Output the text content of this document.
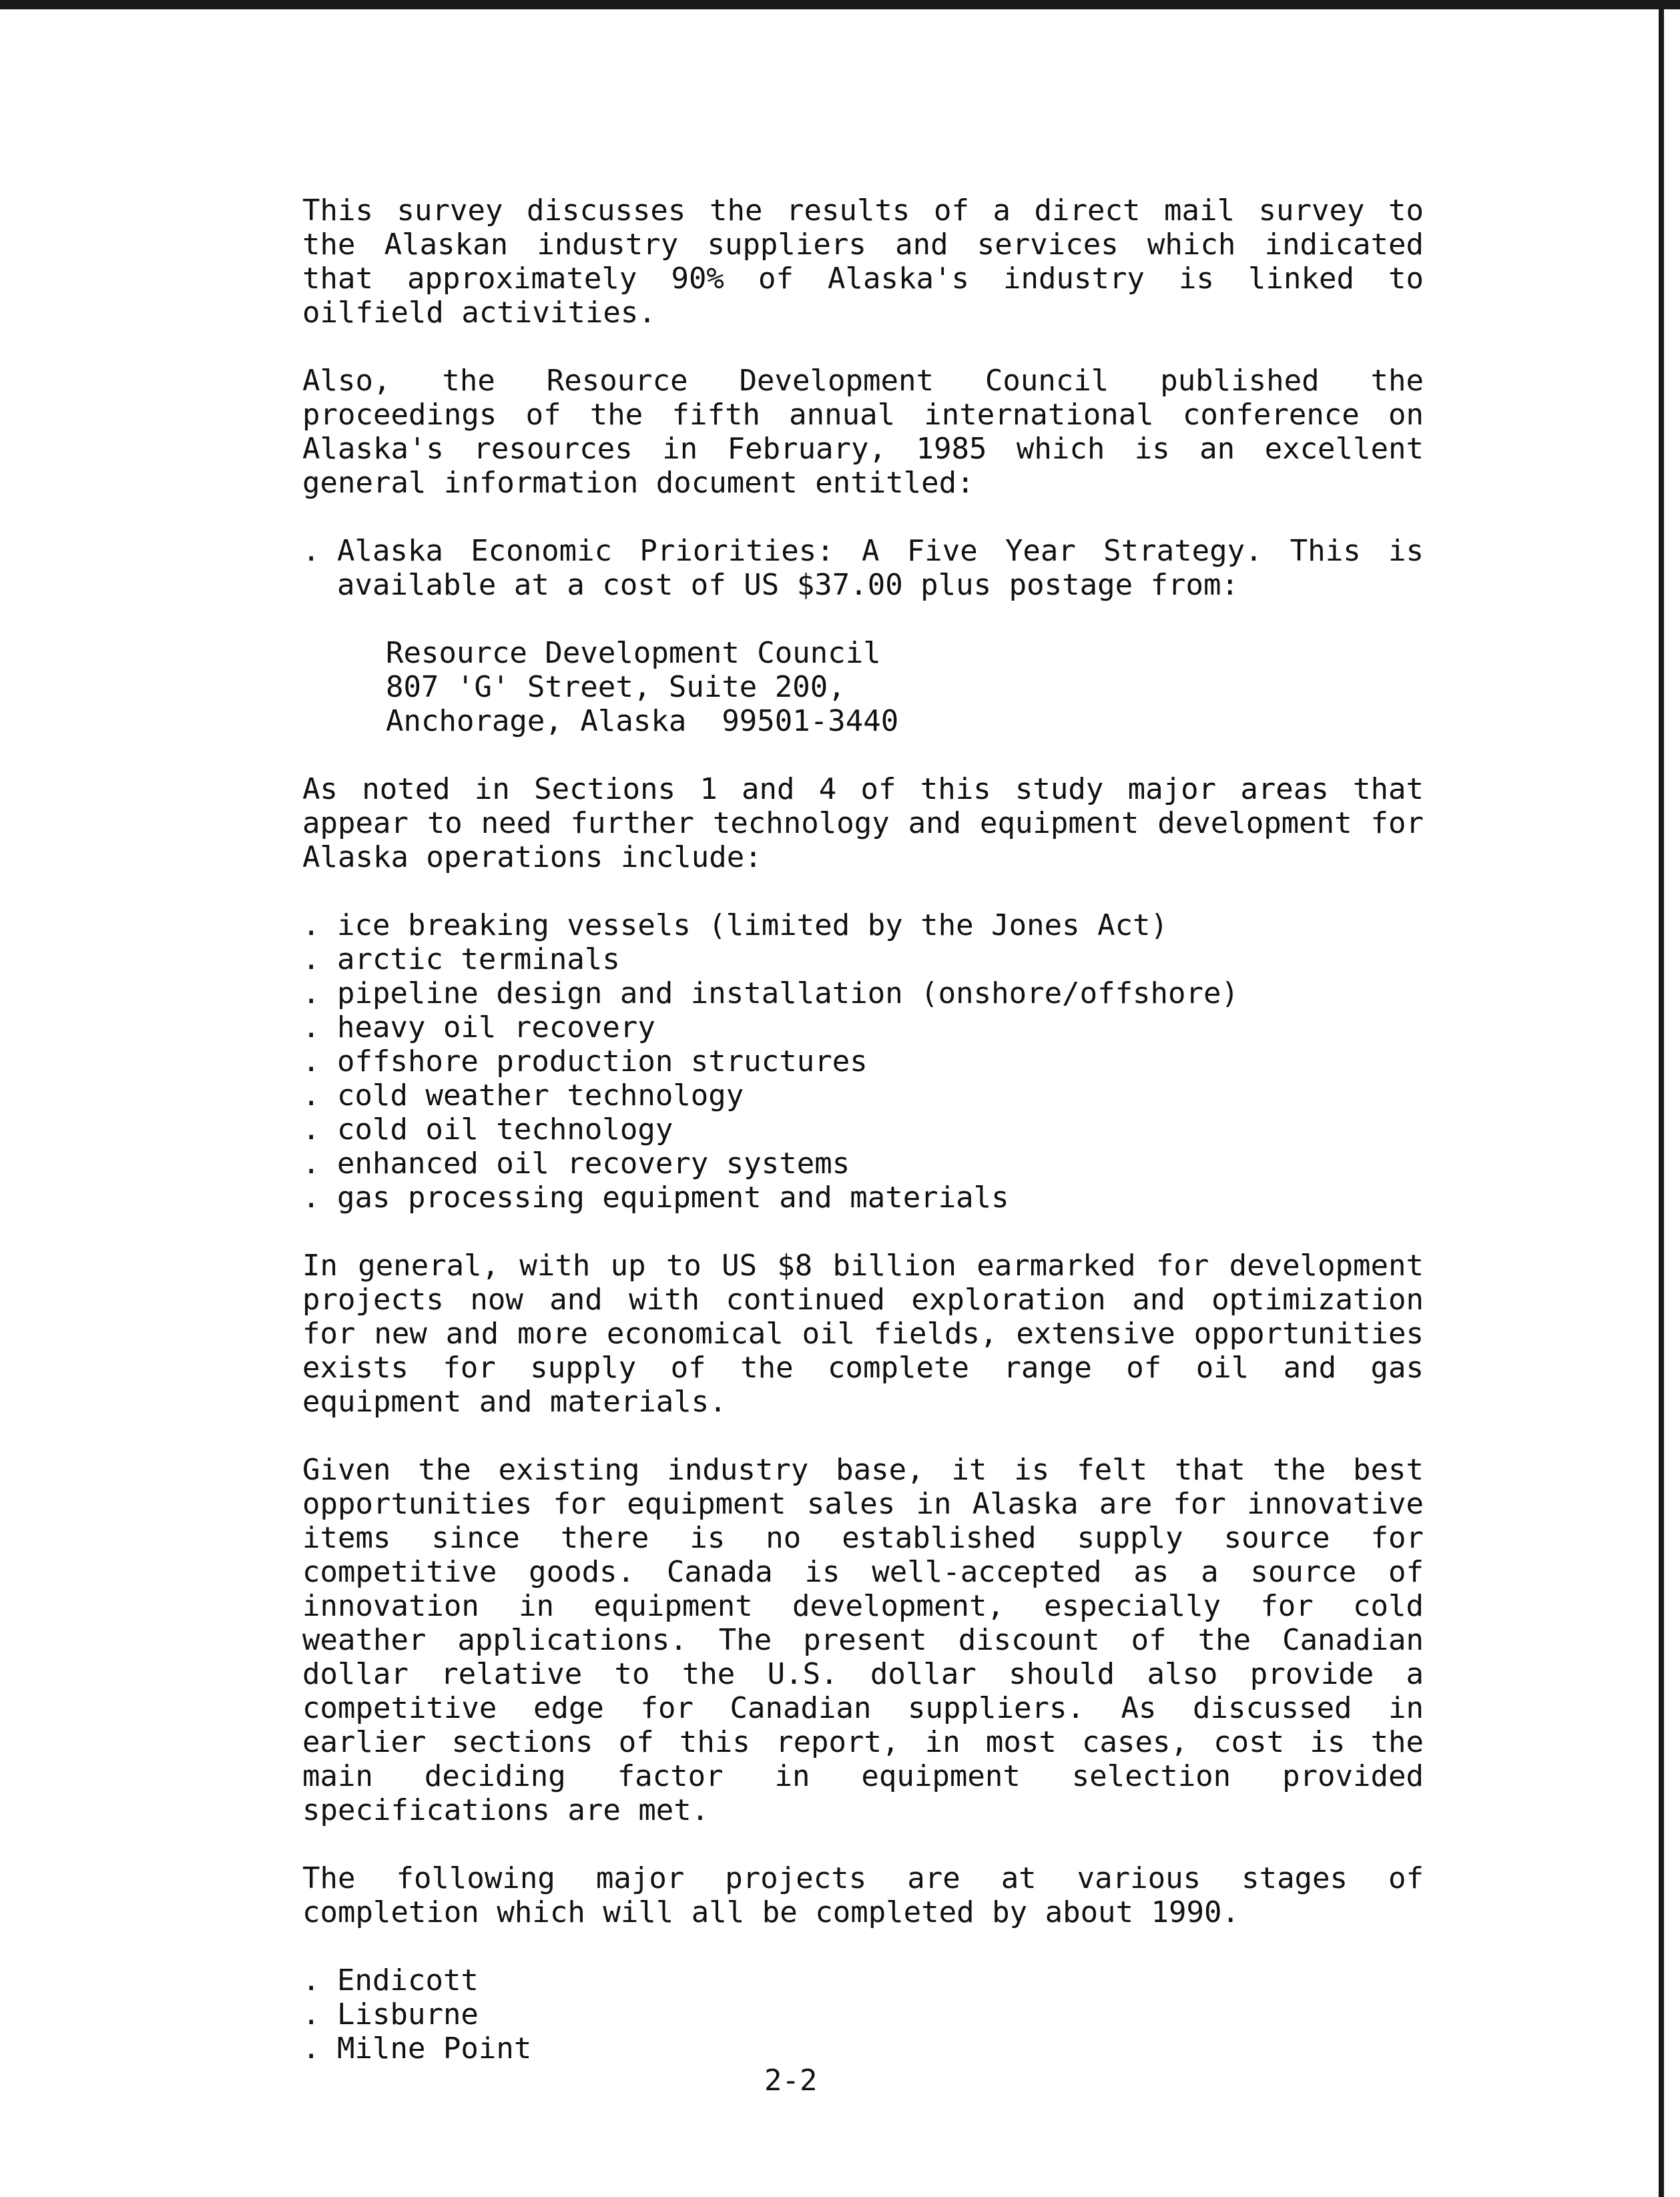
This survey discusses the results of a direct mail survey to the Alaskan industry suppliers and services which indicated that approximately 90% of Alaska's industry is linked to oilfield activities.

Also, the Resource Development Council published the proceedings of the fifth annual international conference on Alaska's resources in February, 1985 which is an excellent general information document entitled:

. Alaska Economic Priorities: A Five Year Strategy. This is available at a cost of US $37.00 plus postage from:
Resource Development Council
807 'G' Street, Suite 200,
Anchorage, Alaska  99501-3440

As noted in Sections 1 and 4 of this study major areas that appear to need further technology and equipment development for Alaska operations include:

. ice breaking vessels (limited by the Jones Act)
. arctic terminals
. pipeline design and installation (onshore/offshore)
. heavy oil recovery
. offshore production structures
. cold weather technology
. cold oil technology
. enhanced oil recovery systems
. gas processing equipment and materials

In general, with up to US $8 billion earmarked for development projects now and with continued exploration and optimization for new and more economical oil fields, extensive opportunities exists for supply of the complete range of oil and gas equipment and materials.

Given the existing industry base, it is felt that the best opportunities for equipment sales in Alaska are for innovative items since there is no established supply source for competitive goods. Canada is well-accepted as a source of innovation in equipment development, especially for cold weather applications. The present discount of the Canadian dollar relative to the U.S. dollar should also provide a competitive edge for Canadian suppliers. As discussed in earlier sections of this report, in most cases, cost is the main deciding factor in equipment selection provided specifications are met.

The following major projects are at various stages of completion which will all be completed by about 1990.

. Endicott
. Lisburne
. Milne Point
2-2
